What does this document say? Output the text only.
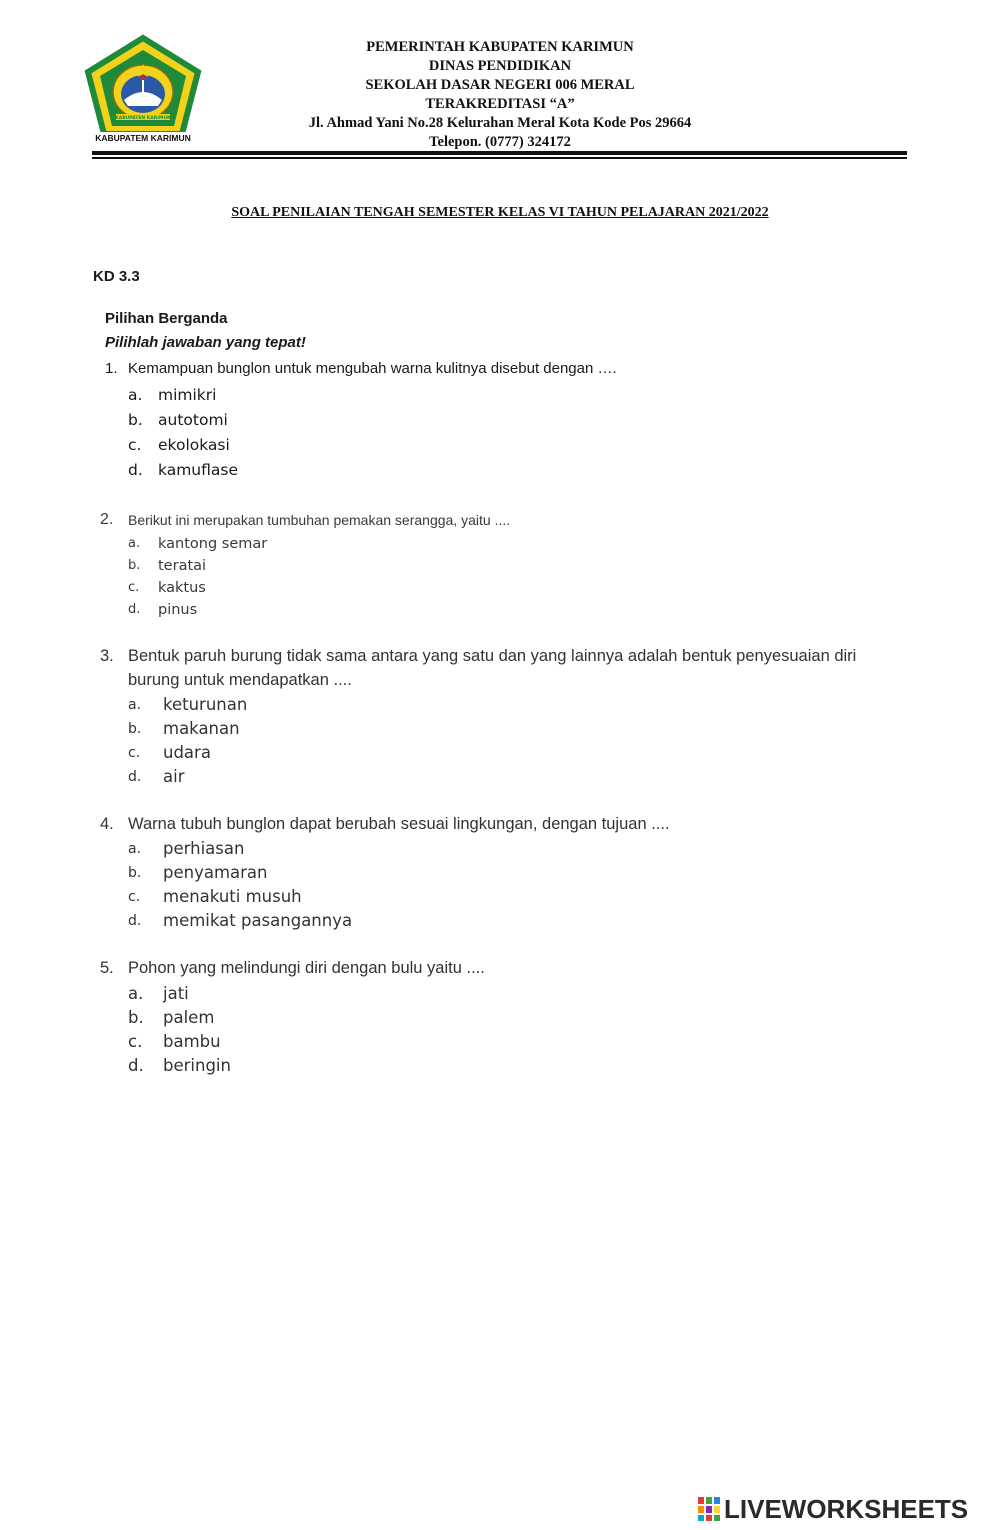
KABUPATEN KARIMUN
KABUPATEM KARIMUN
PEMERINTAH KABUPATEN KARIMUN
DINAS PENDIDIKAN
SEKOLAH DASAR NEGERI 006 MERAL
TERAKREDITASI “A”
Jl. Ahmad Yani No.28 Kelurahan Meral Kota Kode Pos 29664
Telepon. (0777) 324172
SOAL PENILAIAN TENGAH SEMESTER KELAS VI TAHUN PELAJARAN 2021/2022
KD 3.3
Pilihan Berganda
Pilihlah jawaban yang tepat!
1. Kemampuan bunglon untuk mengubah warna kulitnya disebut dengan ….
a. mimikri
b. autotomi
c. ekolokasi
d. kamuflase
2. Berikut ini merupakan tumbuhan pemakan serangga, yaitu ....
a. kantong semar
b. teratai
c. kaktus
d. pinus
3. Bentuk paruh burung tidak sama antara yang satu dan yang lainnya adalah bentuk penyesuaian diri
burung untuk mendapatkan ....
a. keturunan
b. makanan
c. udara
d. air
4. Warna tubuh bunglon dapat berubah sesuai lingkungan, dengan tujuan ....
a. perhiasan
b. penyamaran
c. menakuti musuh
d. memikat pasangannya
5. Pohon yang melindungi diri dengan bulu yaitu ....
a. jati
b. palem
c. bambu
d. beringin
LIVEWORKSHEETS
